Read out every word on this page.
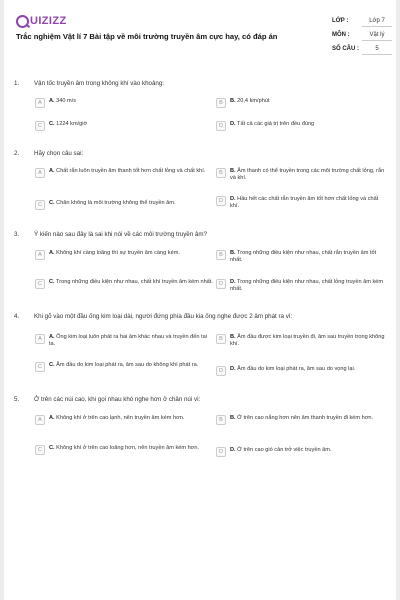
UIZIZZ
Trắc nghiệm Vật lí 7 Bài tập về môi trường truyền âm cực hay, có đáp án
LỚP :	Lớp 7
MÔN :	Vật lý
SỐ CÂU :	5
1. Vận tốc truyền âm trong không khí vào khoảng:
A	A. 340 m/s	B	B. 20,4 km/phút
C	C. 1224 km/giờ	D	D. Tất cả các giá trị trên đều đúng
2. Hãy chọn câu sai:
A	A. Chất rắn luôn truyền âm thanh tốt hơn chất lỏng và chất khí.	B	B. Âm thanh có thể truyền trong các môi trường chất lỏng, rắn và khí.
C	C. Chân không là môi trường không thể truyền âm.	D	D. Hầu hết các chất rắn truyền âm tốt hơn chất lỏng và chất khí.
3. Ý kiến nào sau đây là sai khi nói về các môi trường truyền âm?
A	A. Không khí càng loãng thì sự truyền âm càng kém.	B	B. Trong những điều kiện như nhau, chất rắn truyền âm tốt nhất.
C	C. Trong những điều kiện như nhau, chất khí truyền âm kém nhất.	D	D. Trong những điều kiện như nhau, chất lỏng truyền âm kém nhất.
4. Khi gõ vào một đầu ống kim loại dài, người đứng phía đầu kia ống nghe được 2 âm phát ra vì:
A	A. Ống kim loại luôn phát ra hai âm khác nhau và truyền đến tai ta.
B	B. Âm đầu được kim loại truyền đi, âm sau truyền trong không khí.
C	C. Âm đầu do kim loại phát ra, âm sau do không khí phát ra.
D	D. Âm đầu do kim loại phát ra, âm sau do vọng lại.
5. Ở trên các núi cao, khi gọi nhau khó nghe hơn ở chân núi vì:
A	A. Không khí ở trên cao lạnh, nên truyền âm kém hơn.	B	B. Ở trên cao nắng hơn nên âm thanh truyền đi kém hơn.
C	C. Không khí ở trên cao loãng hơn, nên truyền âm kém hơn.
D	D. Ở trên cao gió cản trở việc truyền âm.
